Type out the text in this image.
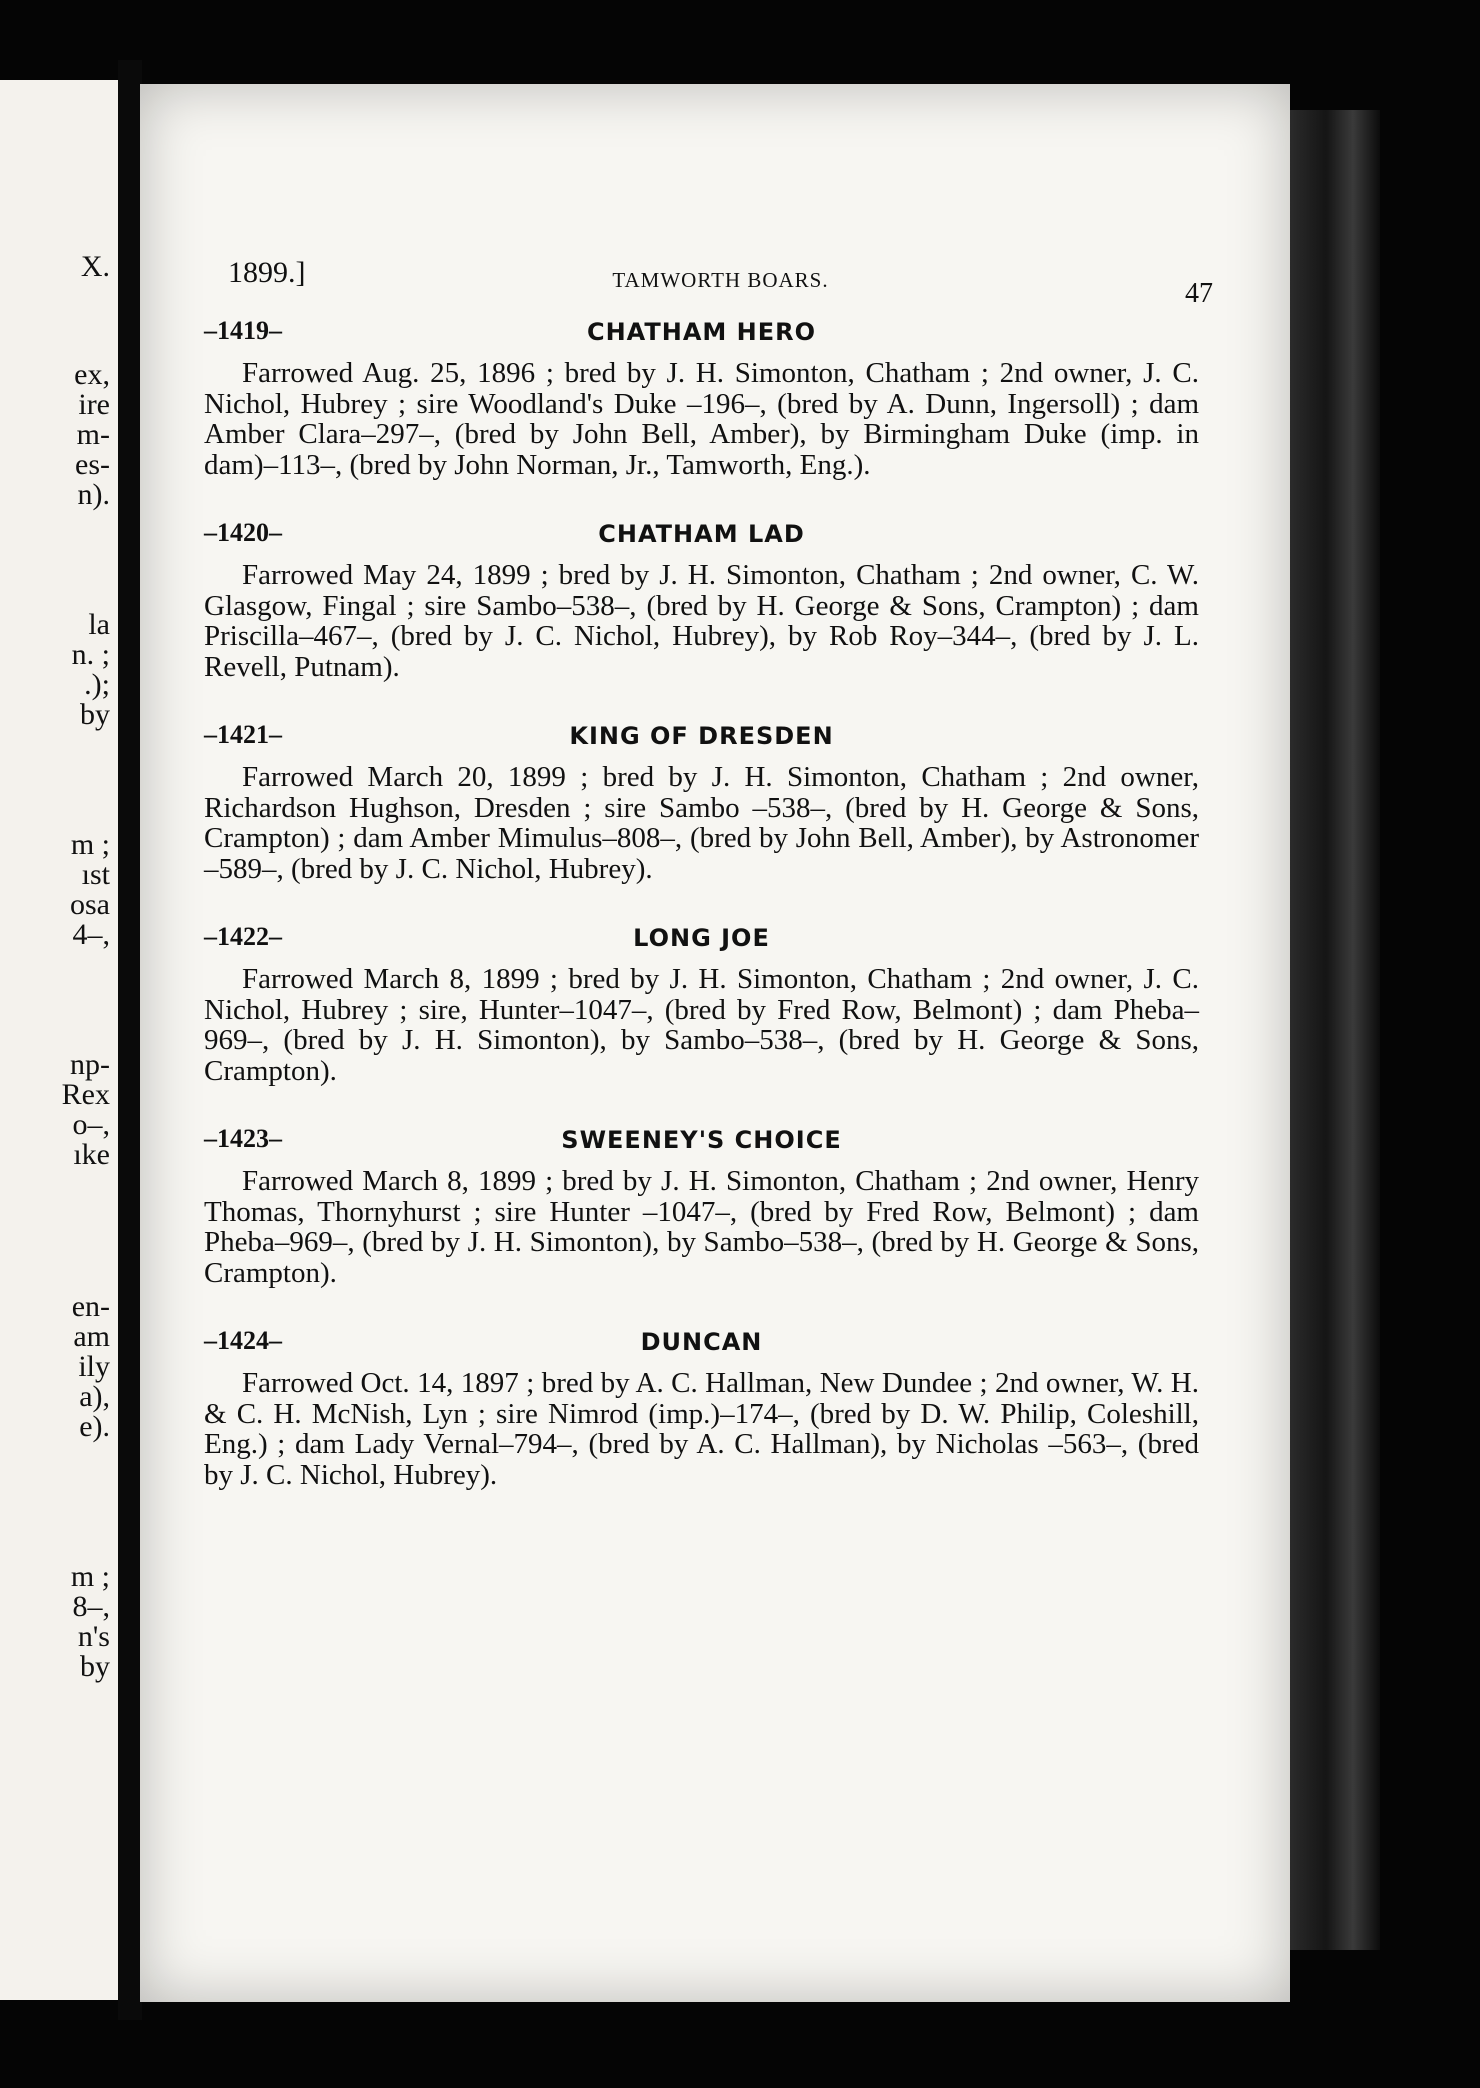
X.
ex,
ire
m-
es-
n).
la
n. ;
.);
by
m ;
ıst
osa
4–,
np-
Rex
o–,
ıke
en-
am
ily
a),
e).
m ;
8–,
n's
by
1899.]	TAMWORTH BOARS.	47
–1419–	CHATHAM HERO

Farrowed Aug. 25, 1896 ; bred by J. H. Simonton, Chatham ; 2nd owner, J. C. Nichol, Hubrey ; sire Woodland's Duke –196–, (bred by A. Dunn, Ingersoll) ; dam Amber Clara–297–, (bred by John Bell, Amber), by Birmingham Duke (imp. in dam)–113–, (bred by John Norman, Jr., Tamworth, Eng.).

–1420–	CHATHAM LAD

Farrowed May 24, 1899 ; bred by J. H. Simonton, Chatham ; 2nd owner, C. W. Glasgow, Fingal ; sire Sambo–538–, (bred by H. George & Sons, Crampton) ; dam Priscilla–467–, (bred by J. C. Nichol, Hubrey), by Rob Roy–344–, (bred by J. L. Revell, Putnam).

–1421–	KING OF DRESDEN

Farrowed March 20, 1899 ; bred by J. H. Simonton, Chatham ; 2nd owner, Richardson Hughson, Dresden ; sire Sambo –538–, (bred by H. George & Sons, Crampton) ; dam Amber Mimulus–808–, (bred by John Bell, Amber), by Astronomer –589–, (bred by J. C. Nichol, Hubrey).

–1422–	LONG JOE

Farrowed March 8, 1899 ; bred by J. H. Simonton, Chatham ; 2nd owner, J. C. Nichol, Hubrey ; sire, Hunter–1047–, (bred by Fred Row, Belmont) ; dam Pheba–969–, (bred by J. H. Simonton), by Sambo–538–, (bred by H. George & Sons, Crampton).

–1423–	SWEENEY'S CHOICE

Farrowed March 8, 1899 ; bred by J. H. Simonton, Chatham ; 2nd owner, Henry Thomas, Thornyhurst ; sire Hunter –1047–, (bred by Fred Row, Belmont) ; dam Pheba–969–, (bred by J. H. Simonton), by Sambo–538–, (bred by H. George & Sons, Crampton).

–1424–	DUNCAN

Farrowed Oct. 14, 1897 ; bred by A. C. Hallman, New Dundee ; 2nd owner, W. H. & C. H. McNish, Lyn ; sire Nimrod (imp.)–174–, (bred by D. W. Philip, Coleshill, Eng.) ; dam Lady Vernal–794–, (bred by A. C. Hallman), by Nicholas –563–, (bred by J. C. Nichol, Hubrey).
